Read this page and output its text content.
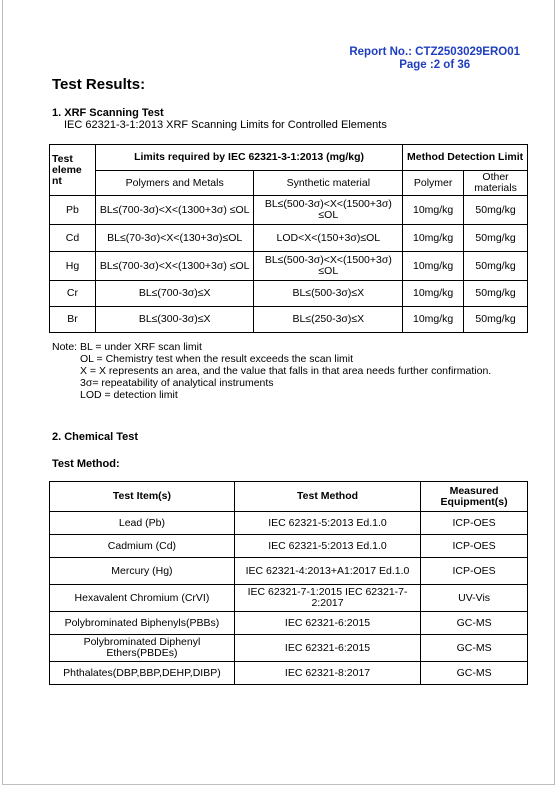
Report No.: CTZ2503029ERO01
Page :2 of 36
Test Results:
1. XRF Scanning Test
IEC 62321-3-1:2013 XRF Scanning Limits for Controlled Elements
Test eleme nt	Limits required by IEC 62321-3-1:2013 (mg/kg)		Method Detection Limit	
	Polymers and Metals	Synthetic material	Polymer	Other materials
Pb	BL≤(700-3σ)<X<(1300+3σ) ≤OL	BL≤(500-3σ)<X<(1500+3σ) ≤OL	10mg/kg	50mg/kg
Cd	BL≤(70-3σ)<X<(130+3σ)≤OL	LOD<X<(150+3σ)≤OL	10mg/kg	50mg/kg
Hg	BL≤(700-3σ)<X<(1300+3σ) ≤OL	BL≤(500-3σ)<X<(1500+3σ) ≤OL	10mg/kg	50mg/kg
Cr	BL≤(700-3σ)≤X	BL≤(500-3σ)≤X	10mg/kg	50mg/kg
Br	BL≤(300-3σ)≤X	BL≤(250-3σ)≤X	10mg/kg	50mg/kg
Note: BL = under XRF scan limit
OL = Chemistry test when the result exceeds the scan limit
X = X represents an area, and the value that falls in that area needs further confirmation.
3σ= repeatability of analytical instruments
LOD = detection limit
2. Chemical Test
Test Method:
Test Item(s)	Test Method	Measured Equipment(s)
Lead (Pb)	IEC 62321-5:2013 Ed.1.0	ICP-OES
Cadmium (Cd)	IEC 62321-5:2013 Ed.1.0	ICP-OES
Mercury (Hg)	IEC 62321-4:2013+A1:2017 Ed.1.0	ICP-OES
Hexavalent Chromium (CrVI)	IEC 62321-7-1:2015 IEC 62321-7-2:2017	UV-Vis
Polybrominated Biphenyls(PBBs)	IEC 62321-6:2015	GC-MS
Polybrominated Diphenyl Ethers(PBDEs)	IEC 62321-6:2015	GC-MS
Phthalates(DBP,BBP,DEHP,DIBP)	IEC 62321-8:2017	GC-MS
